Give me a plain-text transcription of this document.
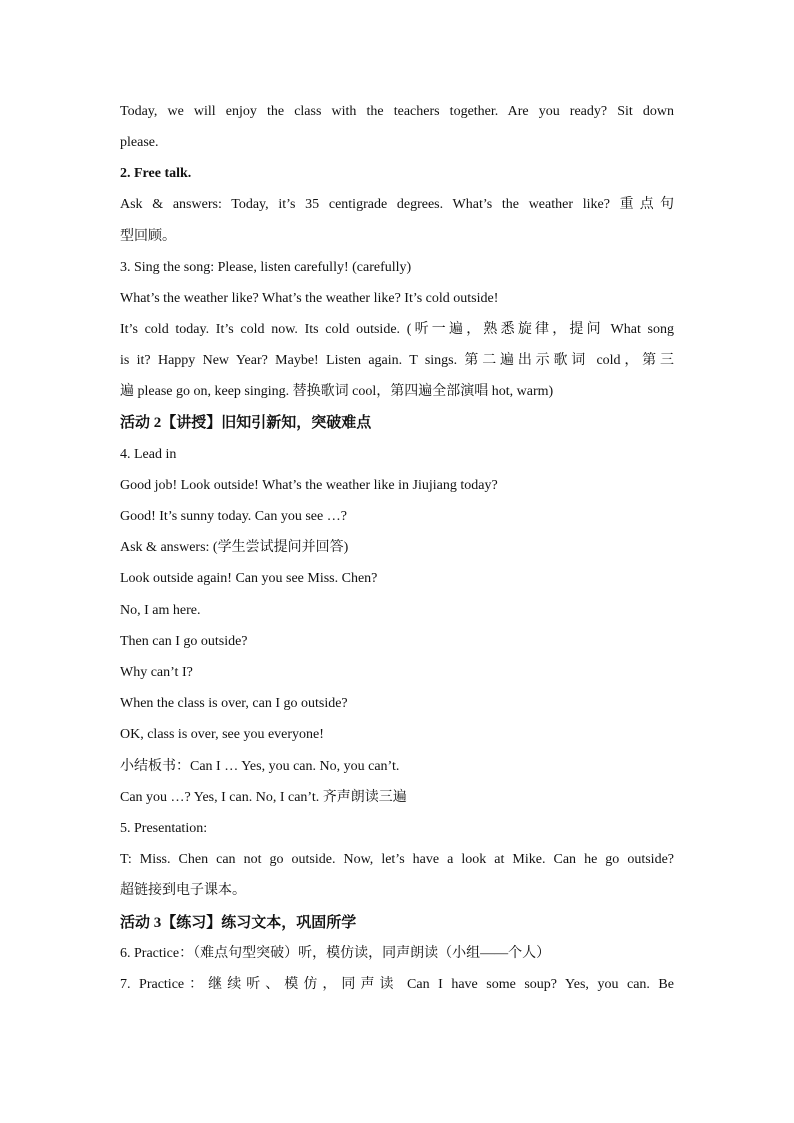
Today, we will enjoy the class with the teachers together. Are you ready? Sit down
please.
2. Free talk.
Ask & answers: Today, it’s 35 centigrade degrees. What’s the weather like? 重点句
型回顾。
3. Sing the song: Please, listen carefully! (carefully)
What’s the weather like? What’s the weather like? It’s cold outside!
It’s cold today. It’s cold now. Its cold outside. (听一遍，熟悉旋律，提问 What song
is it? Happy New Year? Maybe! Listen again. T sings. 第二遍出示歌词 cold，第三
遍 please go on, keep singing. 替换歌词 cool，第四遍全部演唱 hot, warm)
活动 2【讲授】旧知引新知，突破难点
4. Lead in
Good job! Look outside! What’s the weather like in Jiujiang today?
Good! It’s sunny today. Can you see …?
Ask & answers: (学生尝试提问并回答)
Look outside again! Can you see Miss. Chen?
No, I am here.
Then can I go outside?
Why can’t I?
When the class is over, can I go outside?
OK, class is over, see you everyone!
小结板书：Can I … Yes, you can. No, you can’t.
Can you …? Yes, I can. No, I can’t. 齐声朗读三遍
5. Presentation:
T: Miss. Chen can not go outside. Now, let’s have a look at Mike. Can he go outside?
超链接到电子课本。
活动 3【练习】练习文本，巩固所学
6. Practice：（难点句型突破）听，模仿读，同声朗读（小组——个人）
7. Practice：继续听、模仿，同声读 Can I have some soup? Yes, you can. Be
